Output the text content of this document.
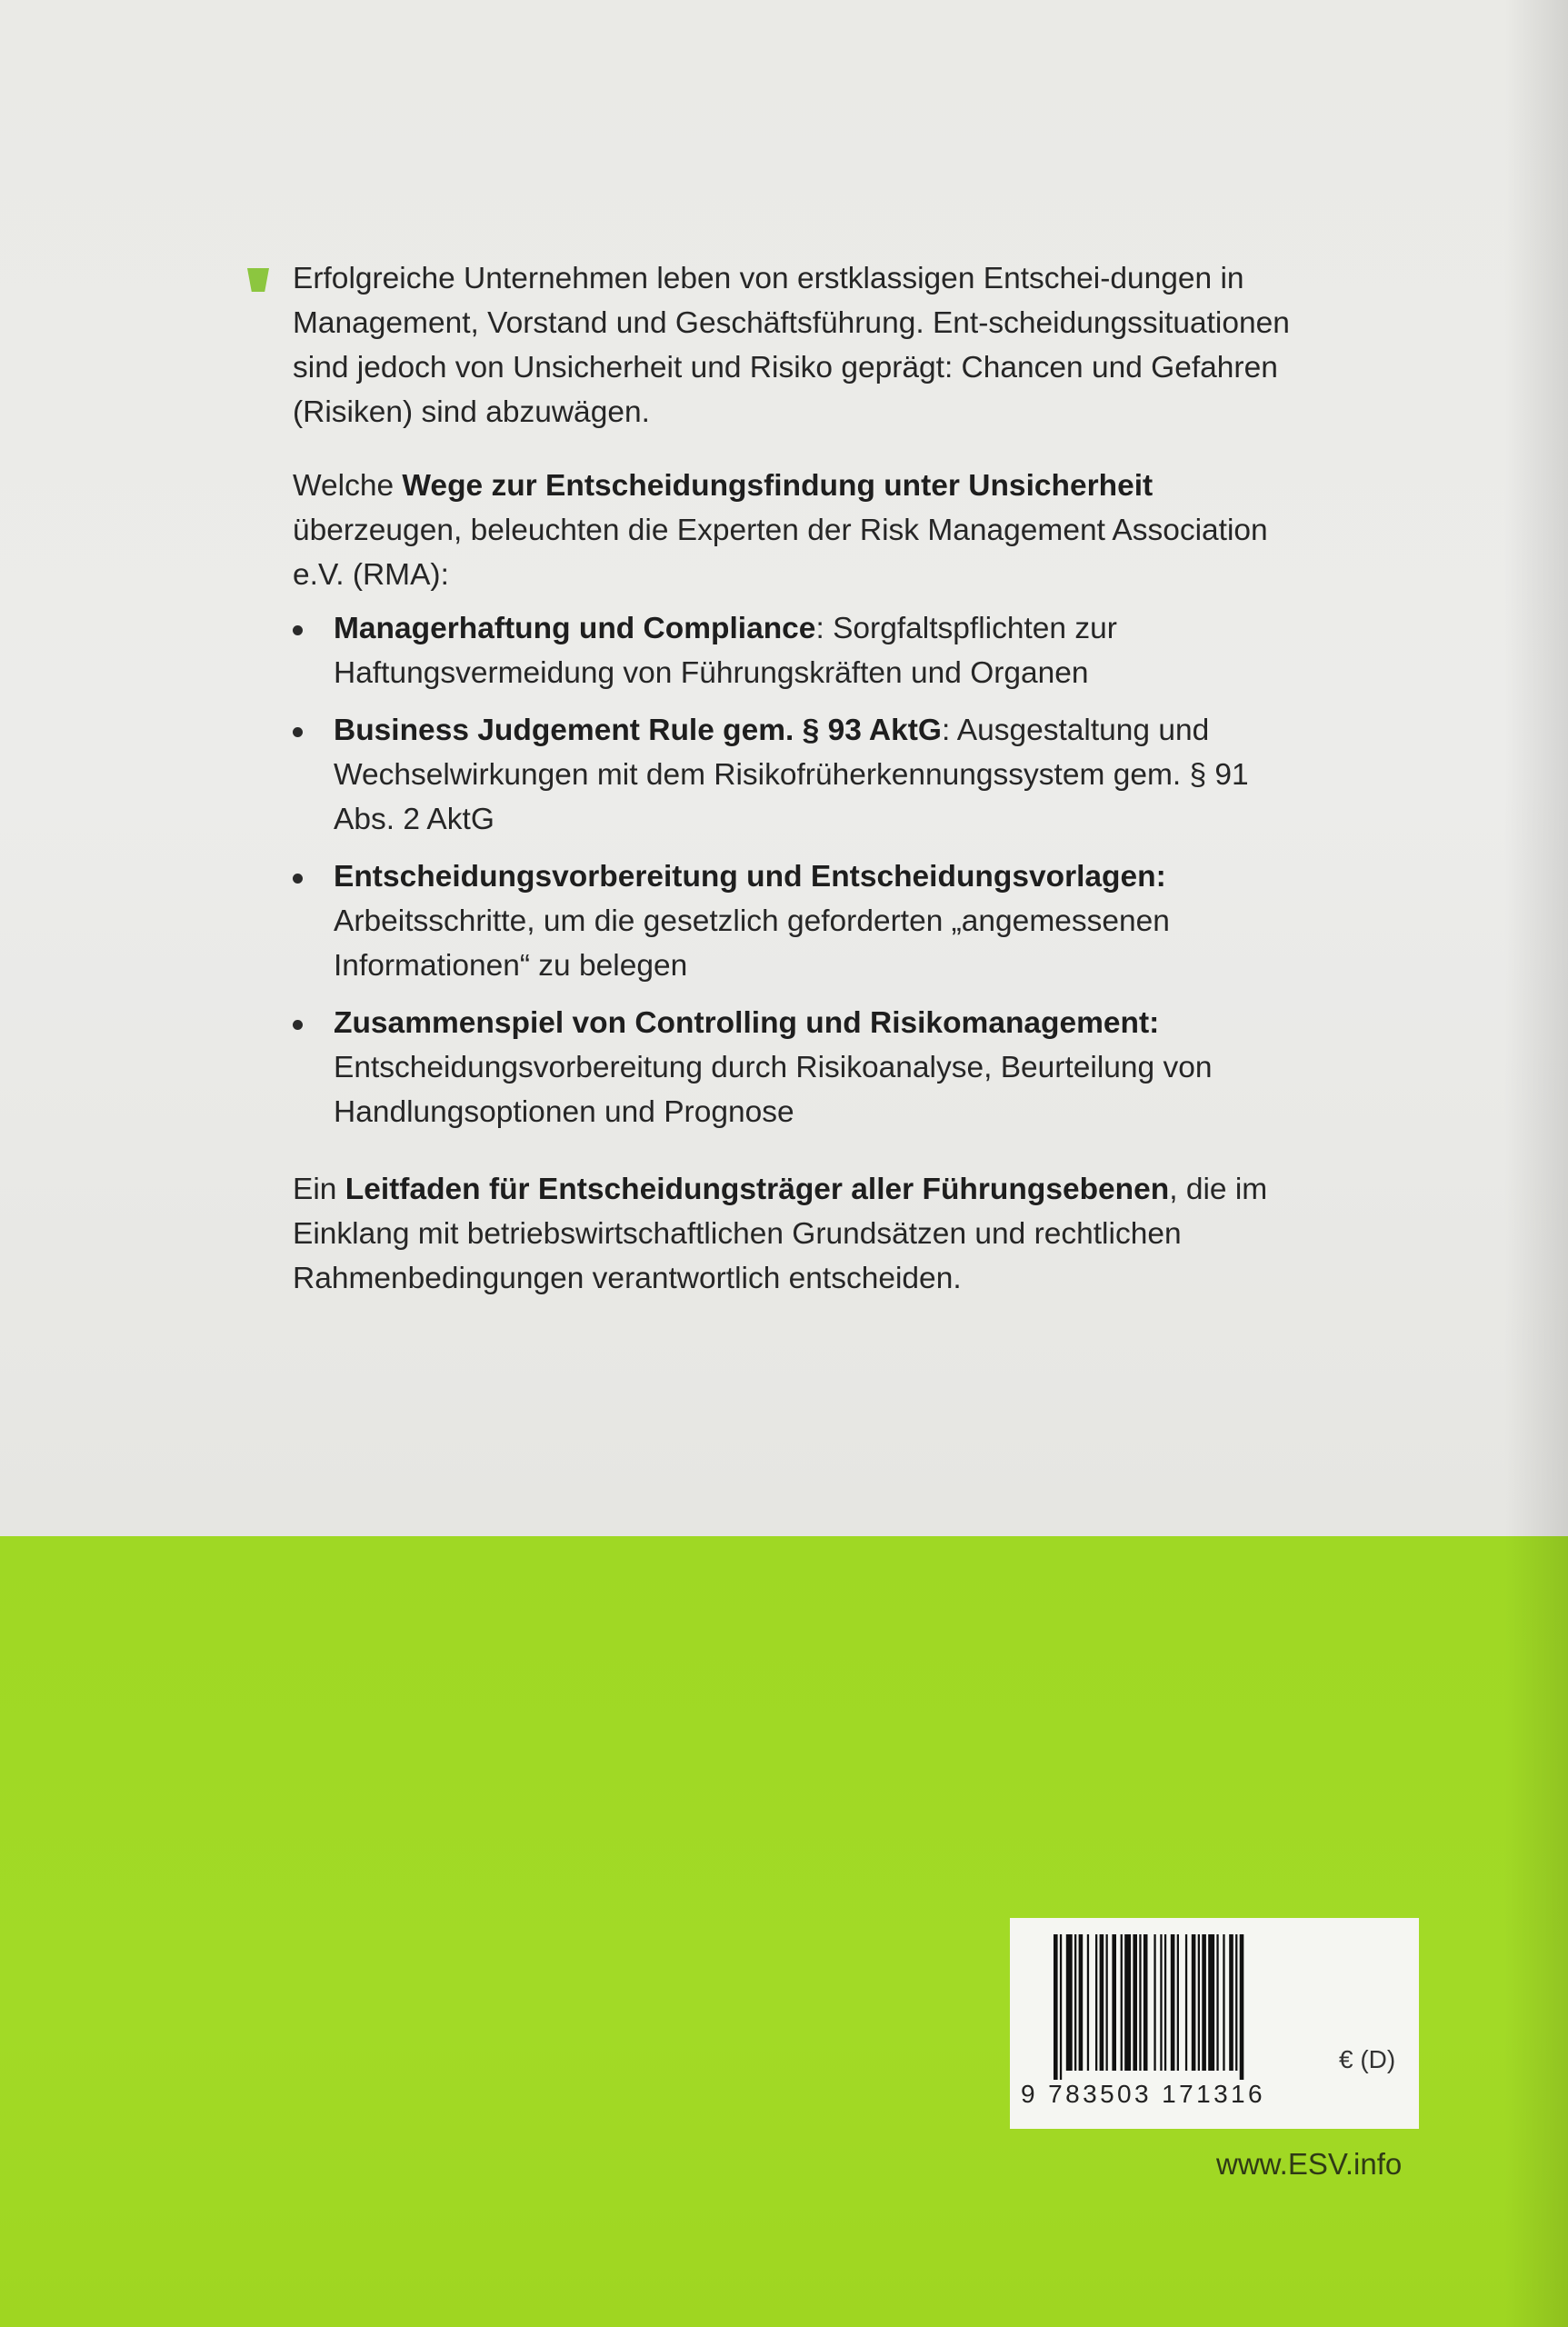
Erfolgreiche Unternehmen leben von erstklassigen Entschei-dungen in Management, Vorstand und Geschäftsführung. Ent-scheidungssituationen sind jedoch von Unsicherheit und Risiko geprägt: Chancen und Gefahren (Risiken) sind abzuwägen.

Welche Wege zur Entscheidungsfindung unter Unsicherheit überzeugen, beleuchten die Experten der Risk Management Association e.V. (RMA):

Managerhaftung und Compliance: Sorgfaltspflichten zur Haftungsvermeidung von Führungskräften und Organen
Business Judgement Rule gem. § 93 AktG: Ausgestaltung und Wechselwirkungen mit dem Risikofrüherkennungssystem gem. § 91 Abs. 2 AktG
Entscheidungsvorbereitung und Entscheidungsvorlagen: Arbeitsschritte, um die gesetzlich geforderten „angemessenen Informationen“ zu belegen
Zusammenspiel von Controlling und Risikomanagement: Entscheidungsvorbereitung durch Risikoanalyse, Beurteilung von Handlungsoptionen und Prognose

Ein Leitfaden für Entscheidungsträger aller Führungsebenen, die im Einklang mit betriebswirtschaftlichen Grundsätzen und rechtlichen Rahmenbedingungen verantwortlich entscheiden.

9 783503 171316
€ (D)
www.ESV.info
